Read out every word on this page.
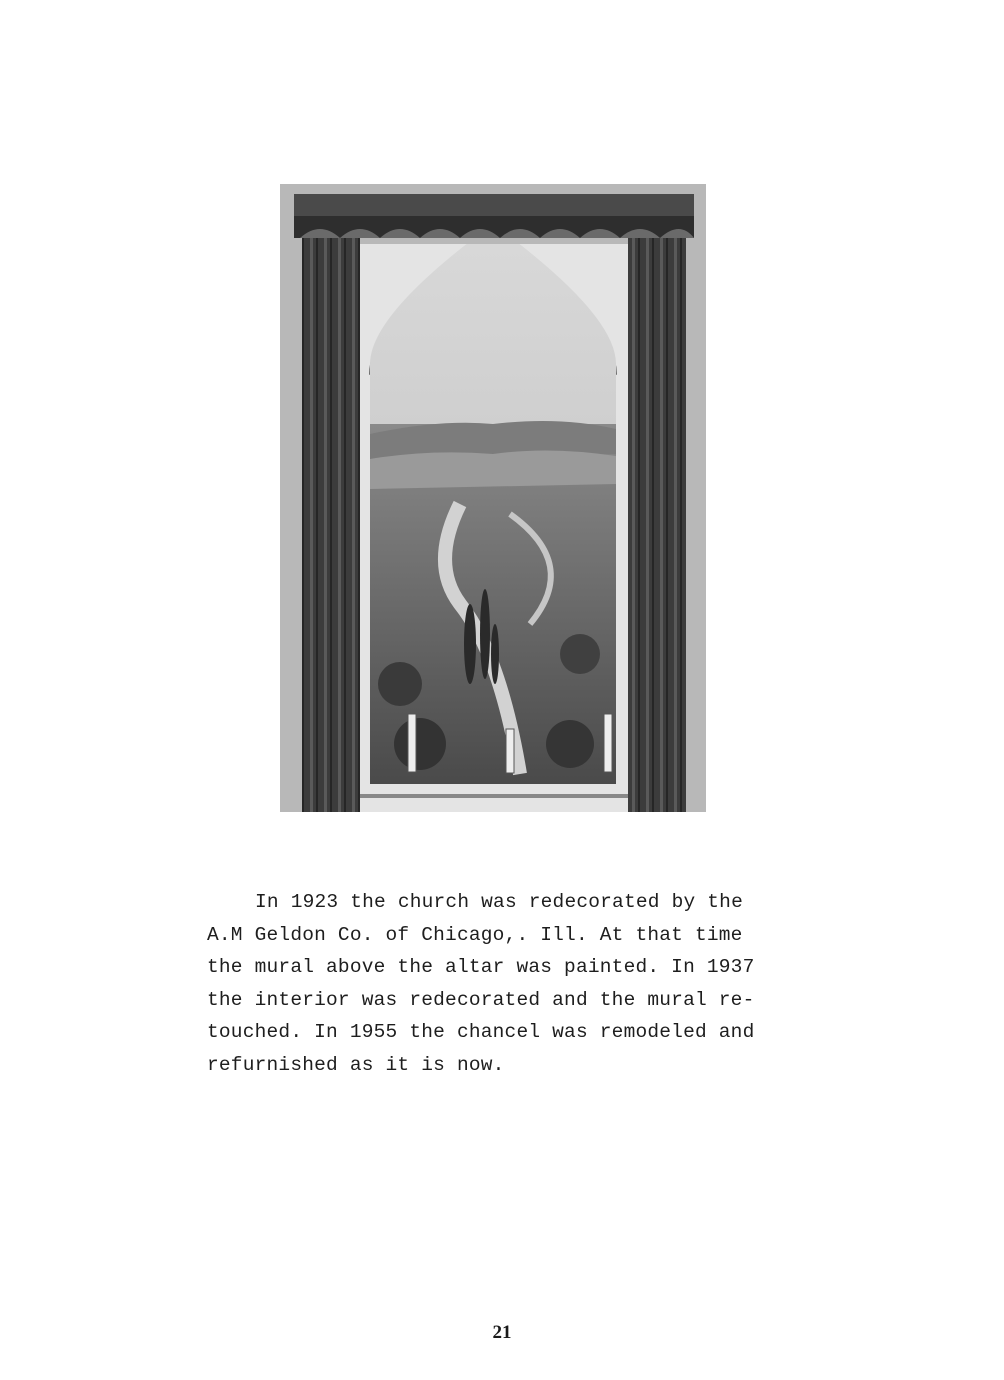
In 1923 the church was redecorated by the
A.M Geldon Co. of Chicago,. Ill. At that time
the mural above the altar was painted. In 1937
the interior was redecorated and the mural re-
touched. In 1955 the chancel was remodeled and
refurnished as it is now.
21
